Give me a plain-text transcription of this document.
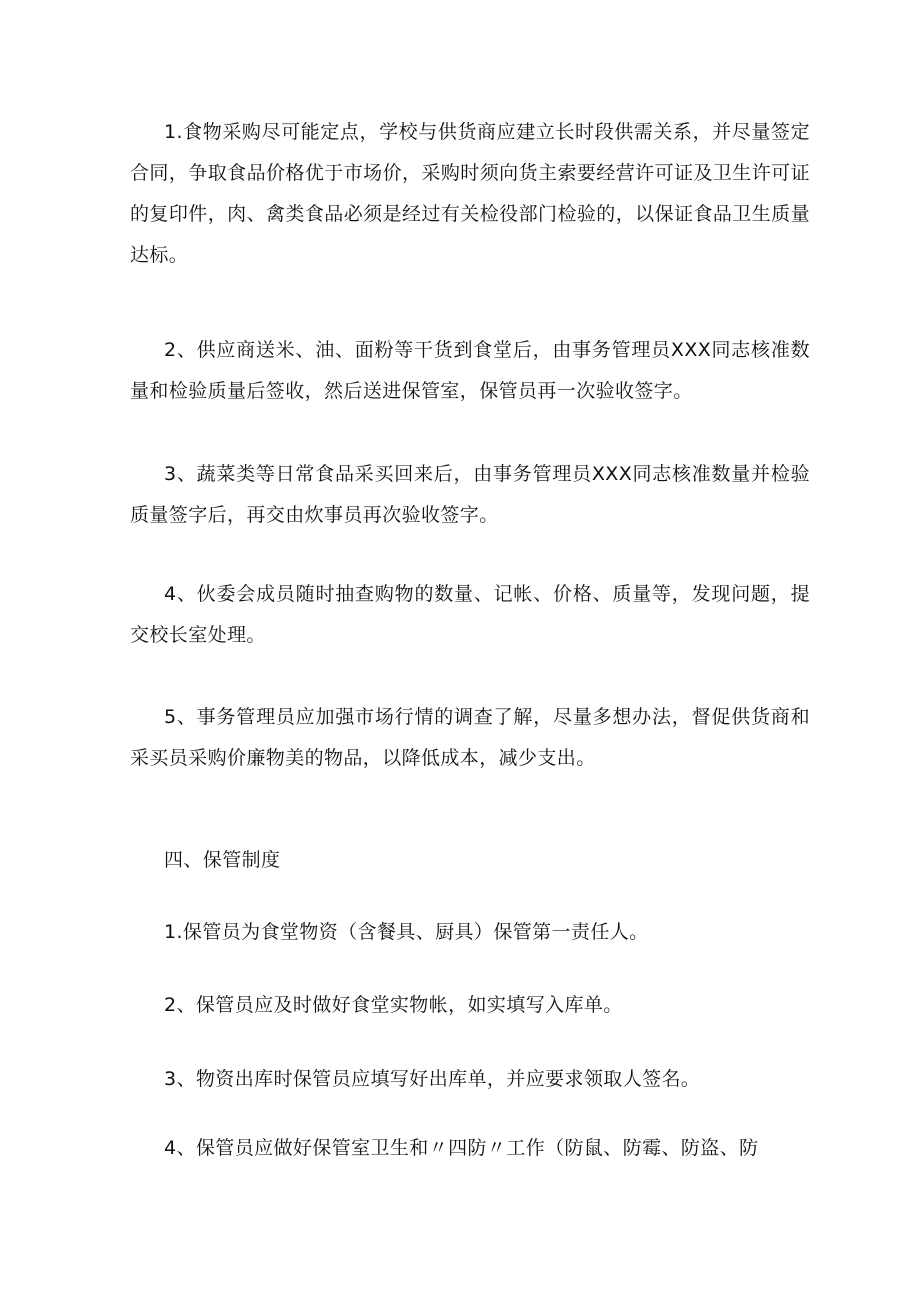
1.食物采购尽可能定点，学校与供货商应建立长时段供需关系，并尽量签定合同，争取食品价格优于市场价，采购时须向货主索要经营许可证及卫生许可证的复印件，肉、禽类食品必须是经过有关检役部门检验的，以保证食品卫生质量达标。

2、供应商送米、油、面粉等干货到食堂后，由事务管理员XXX同志核准数量和检验质量后签收，然后送进保管室，保管员再一次验收签字。

3、蔬菜类等日常食品采买回来后，由事务管理员XXX同志核准数量并检验质量签字后，再交由炊事员再次验收签字。

4、伙委会成员随时抽查购物的数量、记帐、价格、质量等，发现问题，提交校长室处理。

5、事务管理员应加强市场行情的调查了解，尽量多想办法，督促供货商和采买员采购价廉物美的物品，以降低成本，减少支出。

四、保管制度

1.保管员为食堂物资（含餐具、厨具）保管第一责任人。

2、保管员应及时做好食堂实物帐，如实填写入库单。

3、物资出库时保管员应填写好出库单，并应要求领取人签名。

4、保管员应做好保管室卫生和〃四防〃工作（防鼠、防霉、防盗、防
